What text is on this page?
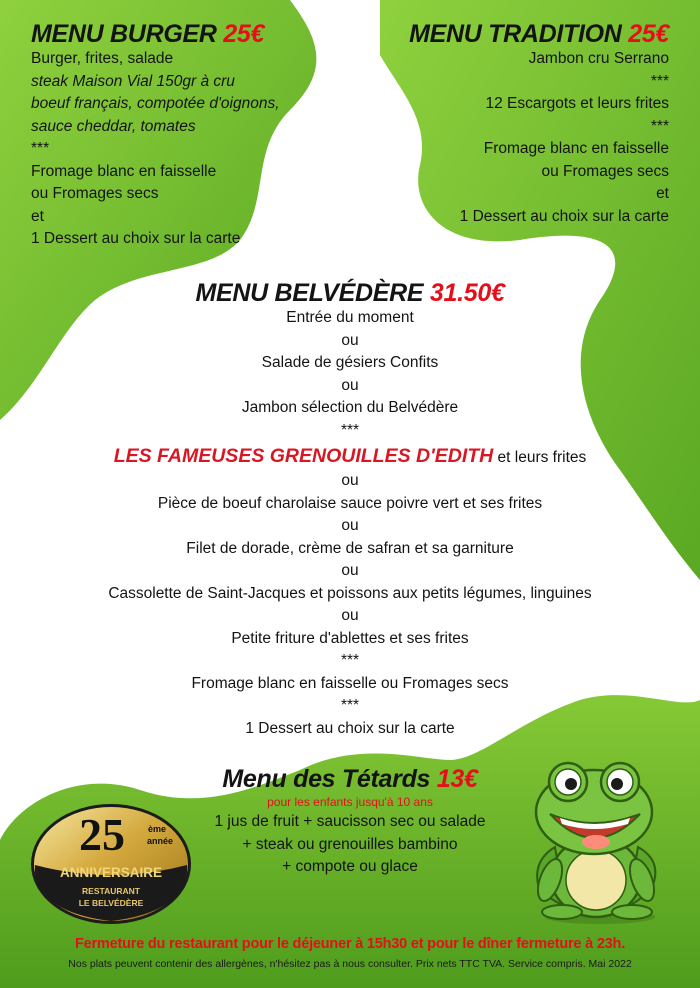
MENU BURGER 25€
Burger, frites, salade
steak Maison Vial 150gr à cru
boeuf français, compotée d'oignons,
sauce cheddar, tomates
***
Fromage blanc en faisselle
ou Fromages secs
et
1 Dessert au choix sur la carte
MENU TRADITION 25€
Jambon cru Serrano
***
12 Escargots et leurs frites
***
Fromage blanc en faisselle
ou Fromages secs
et
1 Dessert au choix sur la carte
MENU BELVÉDÈRE 31.50€
Entrée du moment
ou
Salade de gésiers Confits
ou
Jambon sélection du Belvédère
***
LES FAMEUSES GRENOUILLES D'EDITH et leurs frites
ou
Pièce de boeuf charolaise sauce poivre vert et ses frites
ou
Filet de dorade, crème de safran et sa garniture
ou
Cassolette de Saint-Jacques et poissons aux petits légumes, linguines
ou
Petite friture d'ablettes et ses frites
***
Fromage blanc en faisselle ou Fromages secs
***
1 Dessert au choix sur la carte
Menu des Tétards 13€
pour les enfants jusqu'à 10 ans
1 jus de fruit + saucisson sec ou salade
+ steak ou grenouilles bambino
+ compote ou glace
25	ème
année
ANNIVERSAIRE
RESTAURANT
LE BELVÉDÈRE
Fermeture du restaurant pour le déjeuner à 15h30 et pour le dîner fermeture à 23h.
Nos plats peuvent contenir des allergènes, n'hésitez pas à nous consulter. Prix nets TTC TVA. Service compris. Mai 2022
